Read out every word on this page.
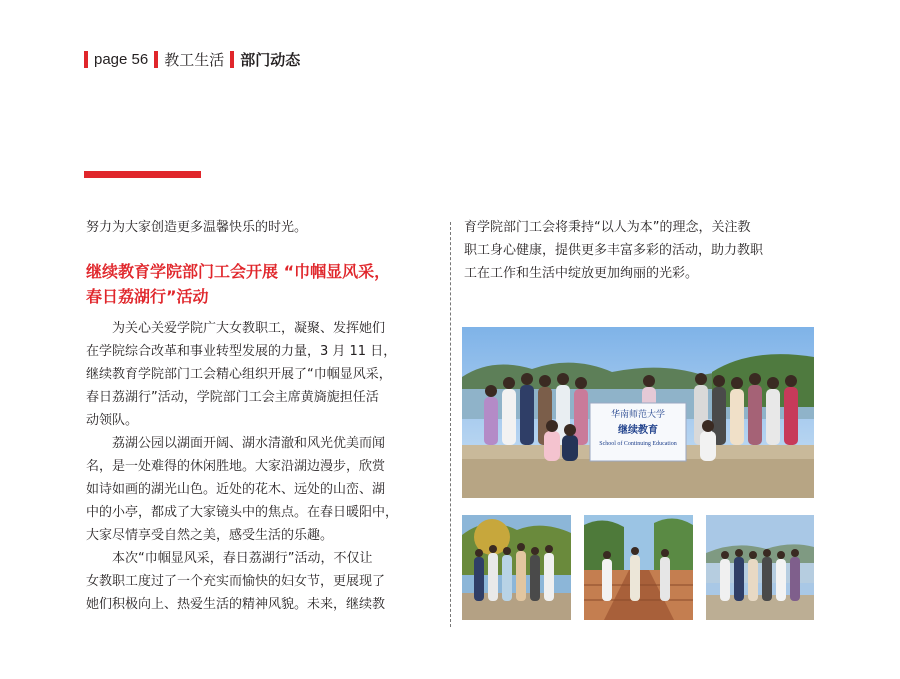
page 56 教工生活 部门动态

努力为大家创造更多温馨快乐的时光。

继续教育学院部门工会开展 “巾帼显风采，
春日荔湖行”活动

为关心关爱学院广大女教职工，凝聚、发挥她们

在学院综合改革和事业转型发展的力量，3 月 11 日，

继续教育学院部门工会精心组织开展了“巾帼显风采，

春日荔湖行”活动，学院部门工会主席黄旖旎担任活

动领队。

荔湖公园以湖面开阔、湖水清澈和风光优美而闻

名，是一处难得的休闲胜地。大家沿湖边漫步，欣赏

如诗如画的湖光山色。近处的花木、远处的山峦、湖

中的小亭，都成了大家镜头中的焦点。在春日暖阳中，

大家尽情享受自然之美，感受生活的乐趣。

本次“巾帼显风采，春日荔湖行”活动，不仅让

女教职工度过了一个充实而愉快的妇女节，更展现了

她们积极向上、热爱生活的精神风貌。未来，继续教

育学院部门工会将秉持“以人为本”的理念，关注教

职工身心健康，提供更多丰富多彩的活动，助力教职

工在工作和生活中绽放更加绚丽的光彩。

华南师范大学
继续教育
School of Continuing Education
